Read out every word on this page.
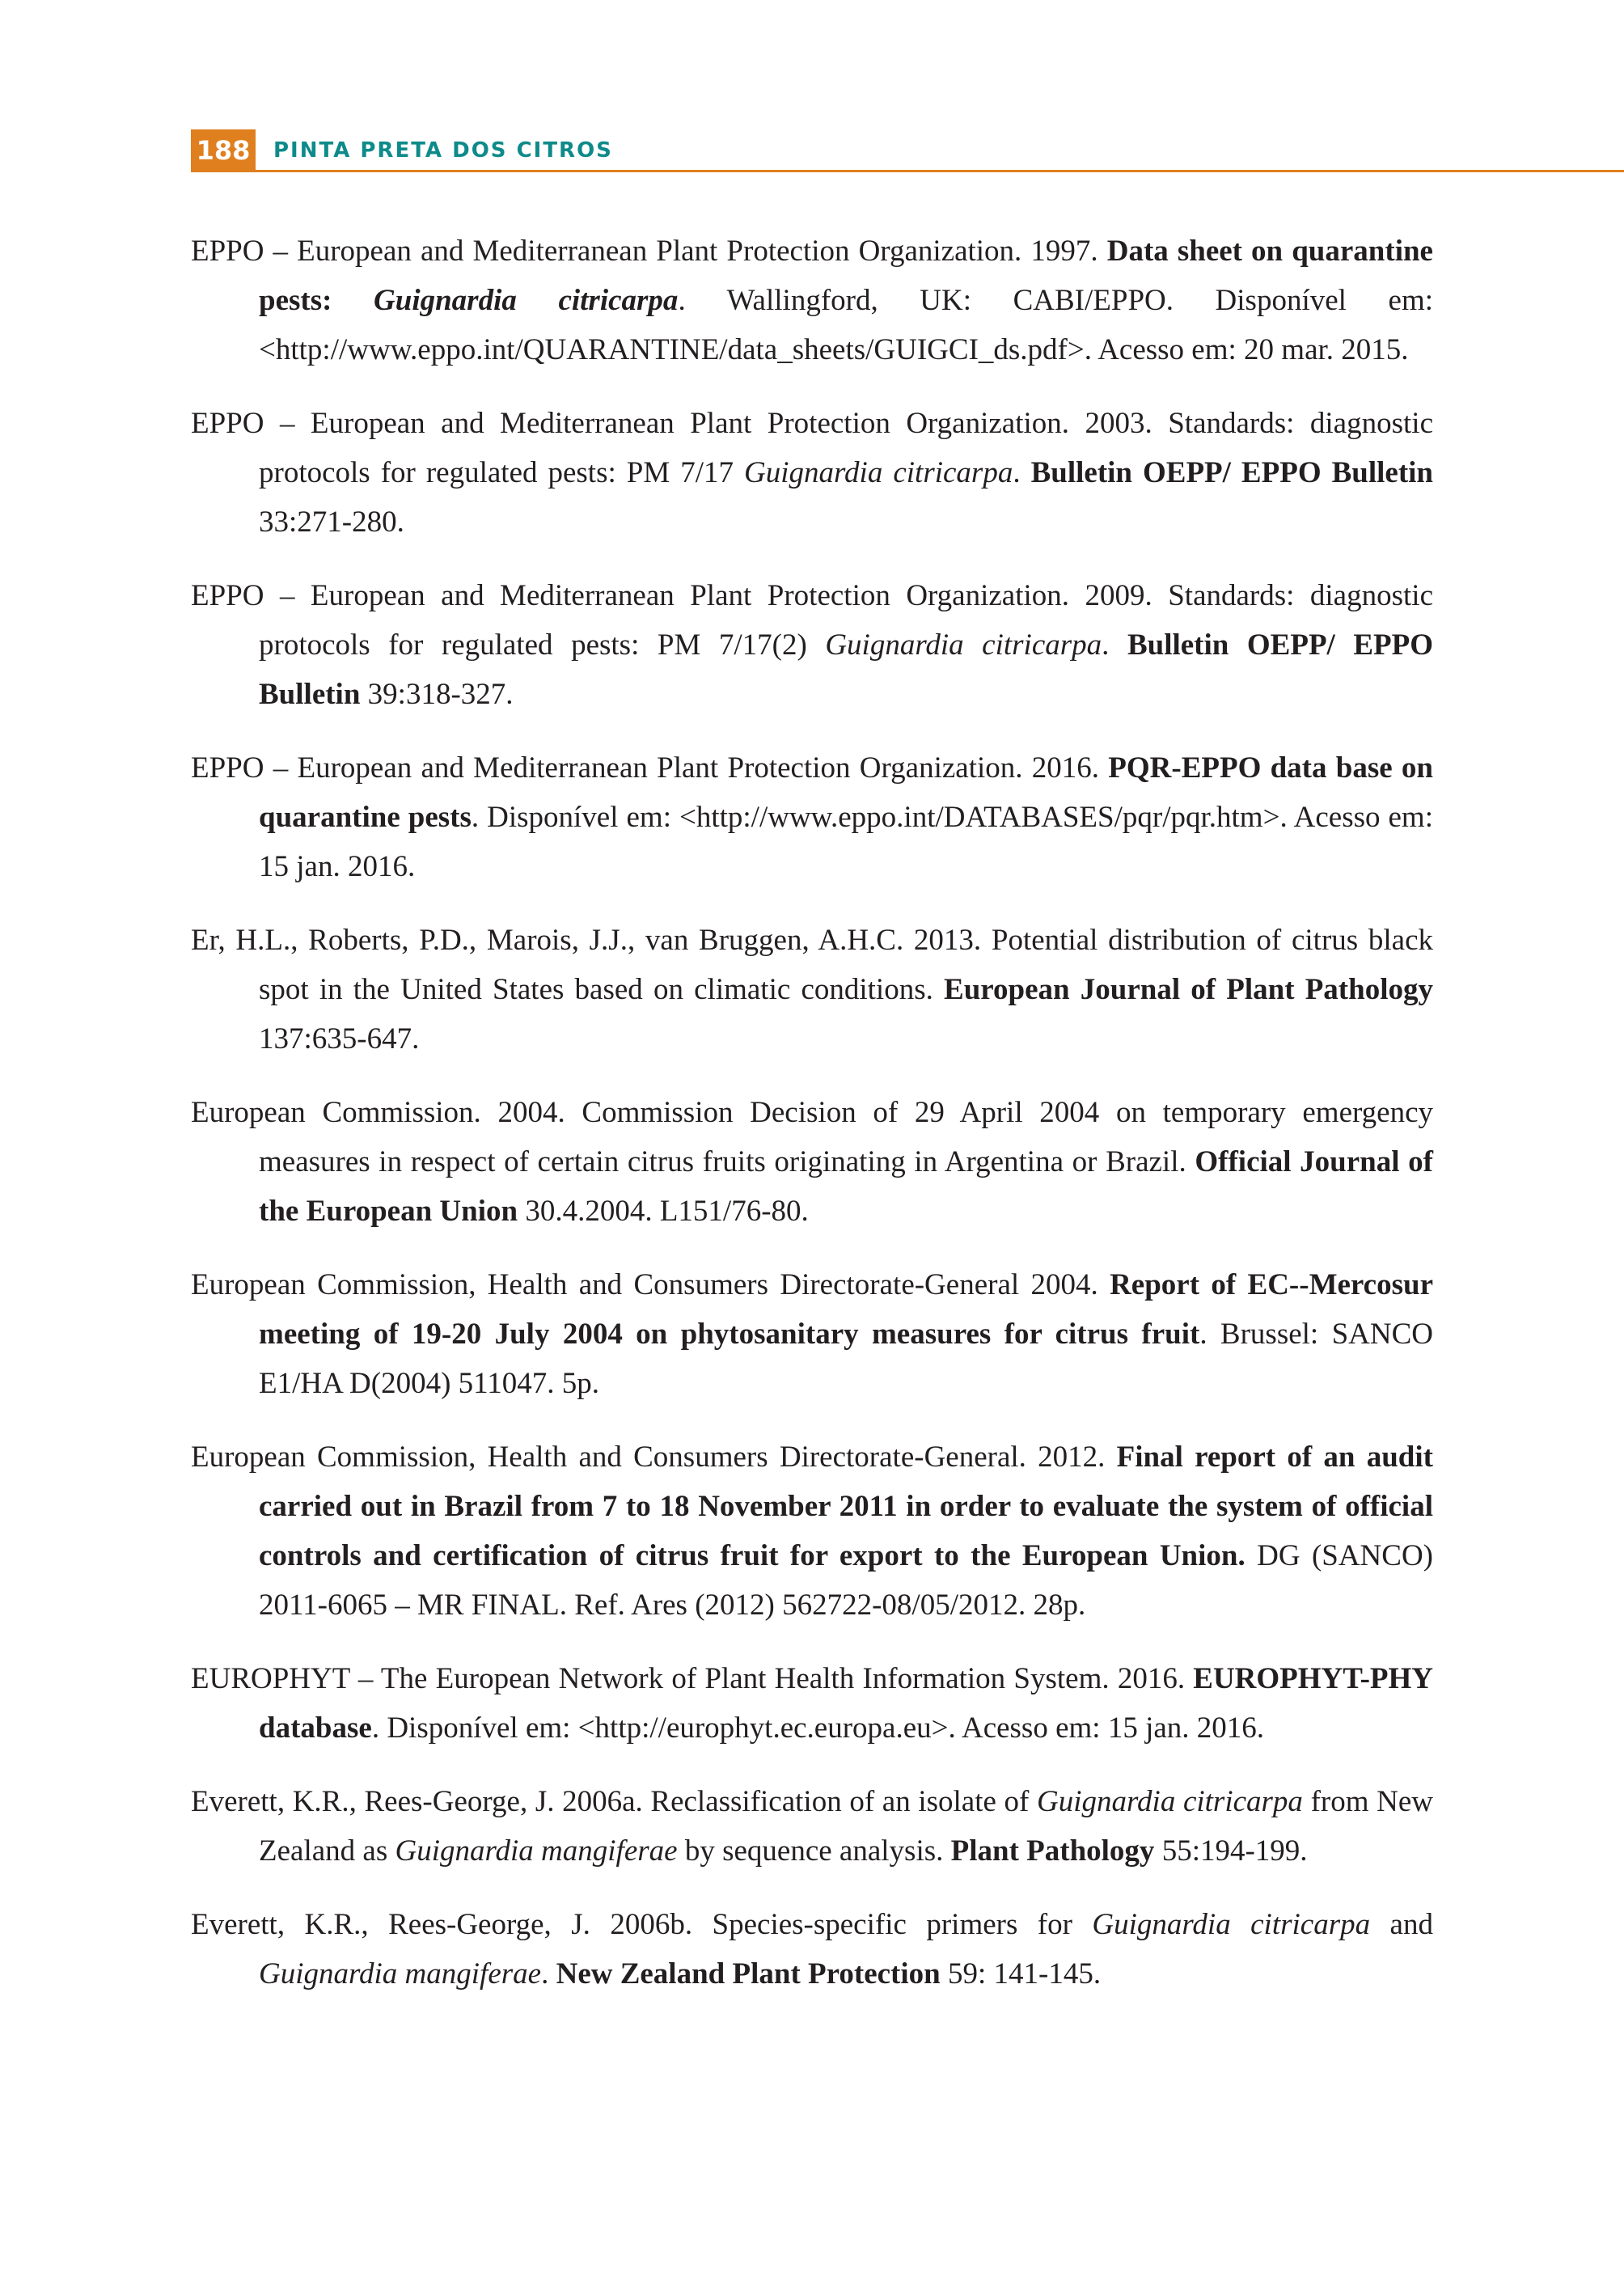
188 PINTA PRETA DOS CITROS

EPPO – European and Mediterranean Plant Protection Organization. 1997. Data sheet on quarantine pests: Guignardia citricarpa. Wallingford, UK: CABI/EPPO. Disponível em: <http://www.eppo.int/QUARANTINE/data_sheets/GUIGCI_ds.pdf>. Acesso em: 20 mar. 2015.

EPPO – European and Mediterranean Plant Protection Organization. 2003. Standards: diagnostic protocols for regulated pests: PM 7/17 Guignardia citricarpa. Bulletin OEPP/ EPPO Bulletin 33:271-280.

EPPO – European and Mediterranean Plant Protection Organization. 2009. Standards: diagnostic protocols for regulated pests: PM 7/17(2) Guignardia citricarpa. Bulletin OEPP/ EPPO Bulletin 39:318-327.

EPPO – European and Mediterranean Plant Protection Organization. 2016. PQR-EPPO data base on quarantine pests. Disponível em: <http://www.eppo.int/DATABASES/pqr/pqr.htm>. Acesso em: 15 jan. 2016.

Er, H.L., Roberts, P.D., Marois, J.J., van Bruggen, A.H.C. 2013. Potential distribution of citrus black spot in the United States based on climatic conditions. European Journal of Plant Pathology 137:635-647.

European Commission. 2004. Commission Decision of 29 April 2004 on temporary emergency measures in respect of certain citrus fruits originating in Argentina or Brazil. Official Journal of the European Union 30.4.2004. L151/76-80.

European Commission, Health and Consumers Directorate-General 2004. Report of EC--Mercosur meeting of 19-20 July 2004 on phytosanitary measures for citrus fruit. Brussel: SANCO E1/HA D(2004) 511047. 5p.

European Commission, Health and Consumers Directorate-General. 2012. Final report of an audit carried out in Brazil from 7 to 18 November 2011 in order to evaluate the system of official controls and certification of citrus fruit for export to the European Union. DG (SANCO) 2011-6065 – MR FINAL. Ref. Ares (2012) 562722-08/05/2012. 28p.

EUROPHYT – The European Network of Plant Health Information System. 2016. EUROPHYT-PHY database. Disponível em: <http://europhyt.ec.europa.eu>. Acesso em: 15 jan. 2016.

Everett, K.R., Rees-George, J. 2006a. Reclassification of an isolate of Guignardia citricarpa from New Zealand as Guignardia mangiferae by sequence analysis. Plant Pathology 55:194-199.

Everett, K.R., Rees-George, J. 2006b. Species-specific primers for Guignardia citricarpa and Guignardia mangiferae. New Zealand Plant Protection 59: 141-145.
